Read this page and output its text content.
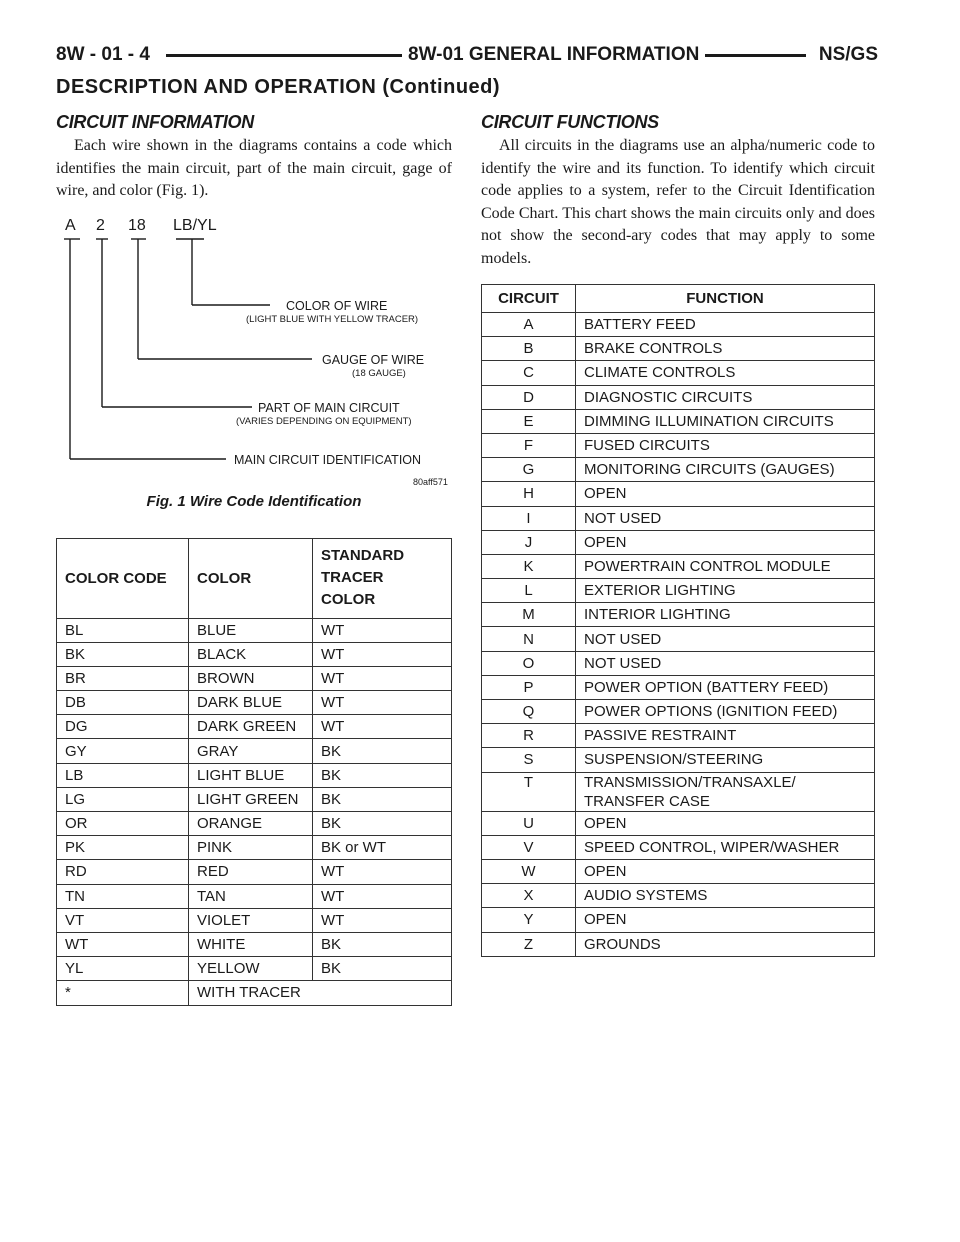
8W - 01 - 4	8W-01 GENERAL INFORMATION	NS/GS
DESCRIPTION AND OPERATION (Continued)
CIRCUIT INFORMATION

Each wire shown in the diagrams contains a code which identifies the main circuit, part of the main circuit, gage of wire, and color (Fig. 1).

A 2 18 LB/YL
COLOR OF WIRE
(LIGHT BLUE WITH YELLOW TRACER)
GAUGE OF WIRE
(18 GAUGE)
PART OF MAIN CIRCUIT
(VARIES DEPENDING ON EQUIPMENT)
MAIN CIRCUIT IDENTIFICATION
80aff571
Fig. 1 Wire Code Identification
COLOR CODE	COLOR	STANDARD TRACER COLOR
BL	BLUE	WT
BK	BLACK	WT
BR	BROWN	WT
DB	DARK BLUE	WT
DG	DARK GREEN	WT
GY	GRAY	BK
LB	LIGHT BLUE	BK
LG	LIGHT GREEN	BK
OR	ORANGE	BK
PK	PINK	BK or WT
RD	RED	WT
TN	TAN	WT
VT	VIOLET	WT
WT	WHITE	BK
YL	YELLOW	BK
*	WITH TRACER	
CIRCUIT FUNCTIONS

All circuits in the diagrams use an alpha/numeric code to identify the wire and its function. To identify which circuit code applies to a system, refer to the Circuit Identification Code Chart. This chart shows the main circuits only and does not show the second-ary codes that may apply to some models.

CIRCUIT	FUNCTION
A	BATTERY FEED
B	BRAKE CONTROLS
C	CLIMATE CONTROLS
D	DIAGNOSTIC CIRCUITS
E	DIMMING ILLUMINATION CIRCUITS
F	FUSED CIRCUITS
G	MONITORING CIRCUITS (GAUGES)
H	OPEN
I	NOT USED
J	OPEN
K	POWERTRAIN CONTROL MODULE
L	EXTERIOR LIGHTING
M	INTERIOR LIGHTING
N	NOT USED
O	NOT USED
P	POWER OPTION (BATTERY FEED)
Q	POWER OPTIONS (IGNITION FEED)
R	PASSIVE RESTRAINT
S	SUSPENSION/STEERING
T	TRANSMISSION/TRANSAXLE/
TRANSFER CASE
U	OPEN
V	SPEED CONTROL, WIPER/WASHER
W	OPEN
X	AUDIO SYSTEMS
Y	OPEN
Z	GROUNDS
